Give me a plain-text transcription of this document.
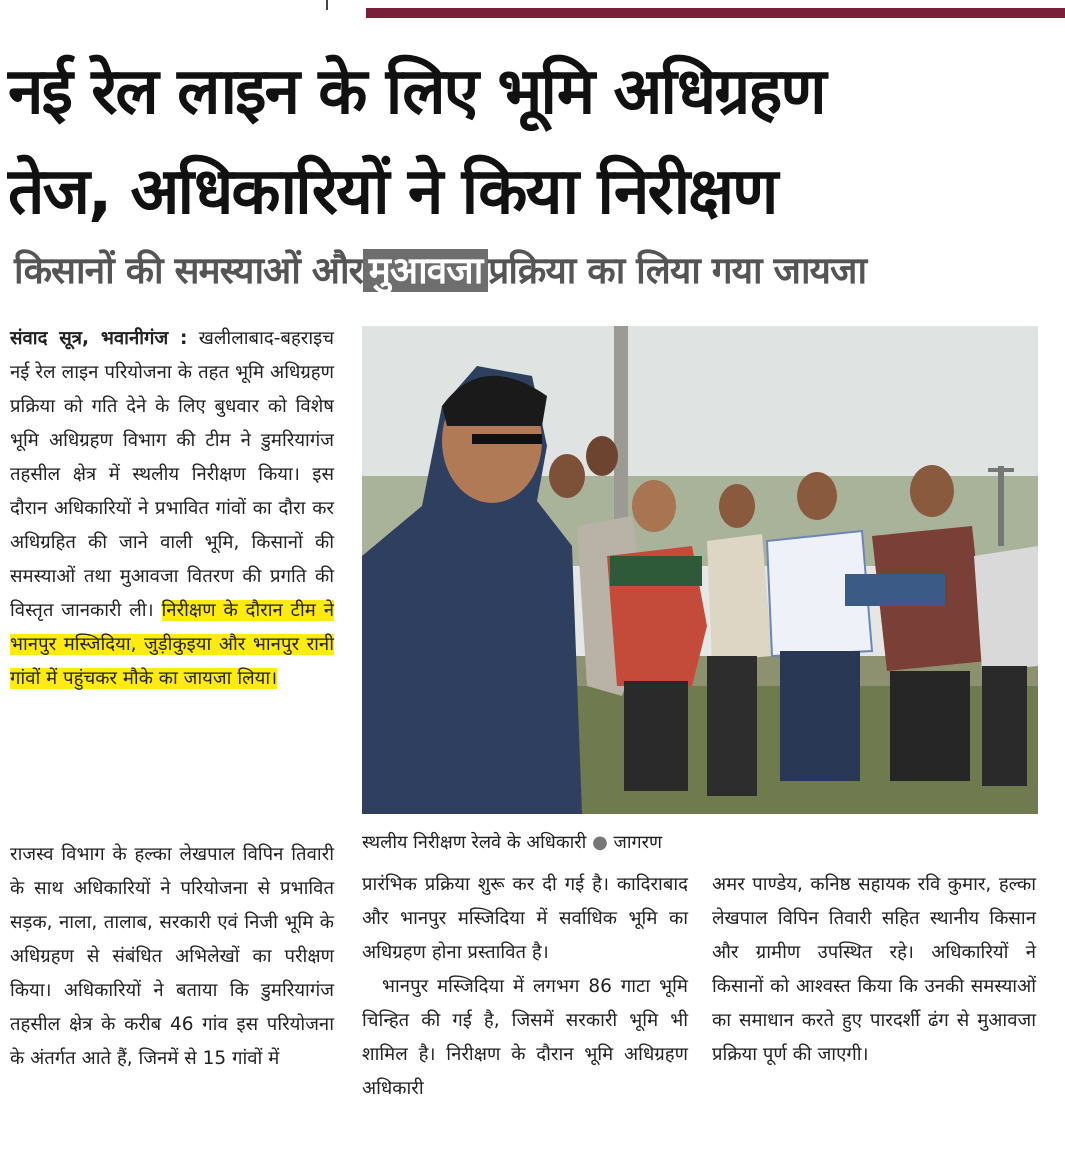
नई रेल लाइन के लिए भूमि अधिग्रहण
तेज, अधिकारियों ने किया निरीक्षण
किसानों की समस्याओं और मुआवजा प्रक्रिया का लिया गया जायजा
संवाद सूत्र, भवानीगंज : खलीलाबाद-बहराइच नई रेल लाइन परियोजना के तहत भूमि अधिग्रहण प्रक्रिया को गति देने के लिए बुधवार को विशेष भूमि अधिग्रहण विभाग की टीम ने डुमरियागंज तहसील क्षेत्र में स्थलीय निरीक्षण किया। इस दौरान अधिकारियों ने प्रभावित गांवों का दौरा कर अधिग्रहित की जाने वाली भूमि, किसानों की समस्याओं तथा मुआवजा वितरण की प्रगति की विस्तृत जानकारी ली। निरीक्षण के दौरान टीम ने भानपुर मस्जिदिया, जुड़ीकुइया और भानपुर रानी गांवों में पहुंचकर मौके का जायजा लिया।
राजस्व विभाग के हल्का लेखपाल विपिन तिवारी के साथ अधिकारियों ने परियोजना से प्रभावित सड़क, नाला, तालाब, सरकारी एवं निजी भूमि के अधिग्रहण से संबंधित अभिलेखों का परीक्षण किया। अधिकारियों ने बताया कि डुमरियागंज तहसील क्षेत्र के करीब 46 गांव इस परियोजना के अंतर्गत आते हैं, जिनमें से 15 गांवों में
स्थलीय निरीक्षण रेलवे के अधिकारी ● जागरण
प्रारंभिक प्रक्रिया शुरू कर दी गई है। कादिराबाद और भानपुर मस्जिदिया में सर्वाधिक भूमि का अधिग्रहण होना प्रस्तावित है।
भानपुर मस्जिदिया में लगभग 86 गाटा भूमि चिन्हित की गई है, जिसमें सरकारी भूमि भी शामिल है। निरीक्षण के दौरान भूमि अधिग्रहण अधिकारी
अमर पाण्डेय, कनिष्ठ सहायक रवि कुमार, हल्का लेखपाल विपिन तिवारी सहित स्थानीय किसान और ग्रामीण उपस्थित रहे। अधिकारियों ने किसानों को आश्वस्त किया कि उनकी समस्याओं का समाधान करते हुए पारदर्शी ढंग से मुआवजा प्रक्रिया पूर्ण की जाएगी।
